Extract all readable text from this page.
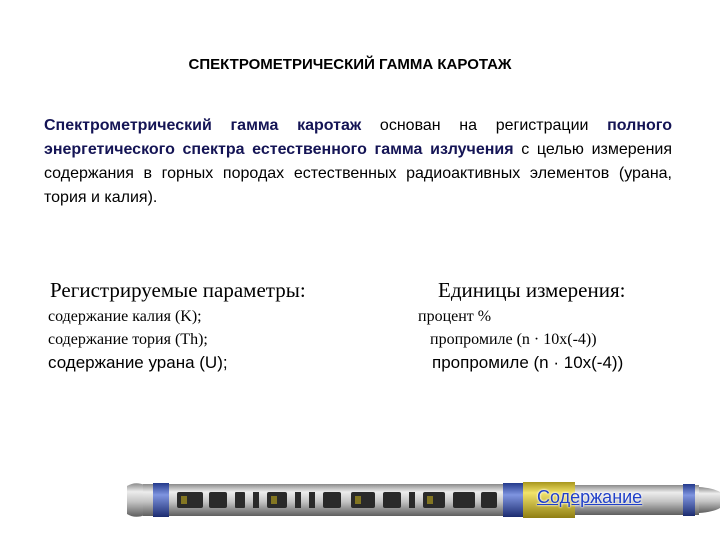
СПЕКТРОМЕТРИЧЕСКИЙ ГАММА КАРОТАЖ
Спектрометрический гамма каротаж основан на регистрации полного энергетического спектра естественного гамма излучения с целью измерения содержания в горных породах естественных радиоактивных элементов (урана, тория и калия).
Регистрируемые параметры:	Единицы измерения:
содержание калия (K);
содержание тория (Th);
содержание урана (U);
процент %
пропромиле (n · 10х(-4))
пропромиле (n · 10х(-4))
Содержание
